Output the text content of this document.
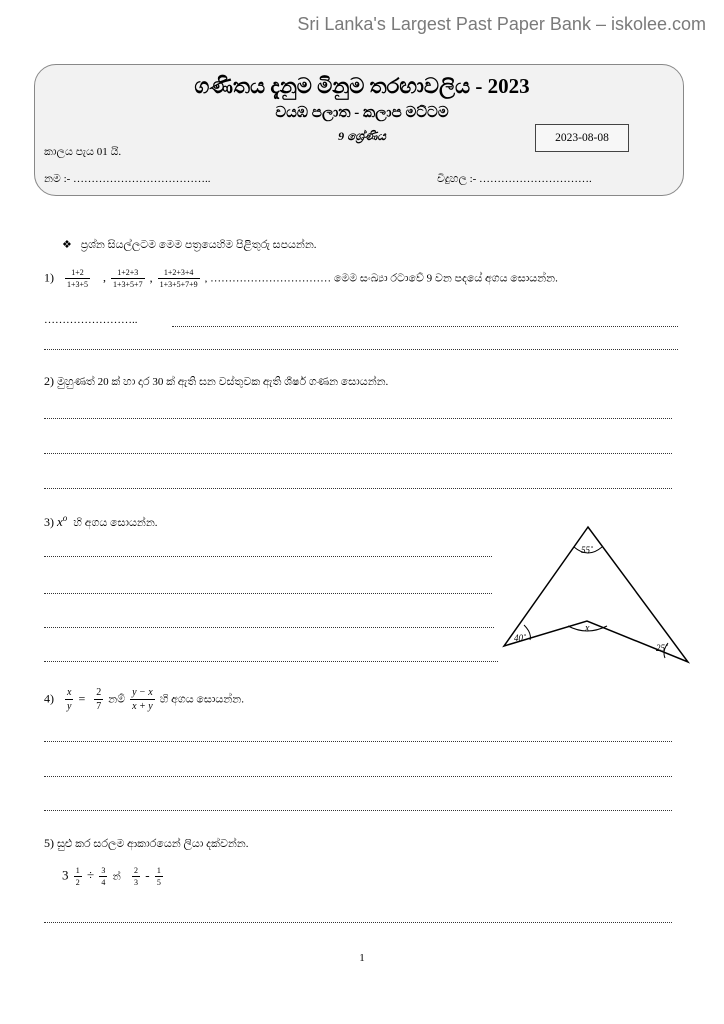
Sri Lanka's Largest Past Paper Bank – iskolee.com
ගණිතය දැනුම මිනුම තරඟාවලිය - 2023
වයඹ පලාත - කලාප මට්ටම
9 ශ්‍රේණිය	2023-08-08
කාලය පැය 01 යි.
නම :- ………………………………..	විදුහල :- ………………………….
❖ ප්‍රශ්න සියල්ලටම මෙම පත්‍රයෙහිම පිළිතුරු සපයන්න.
$1) \frac{1+2}{1+3+5}$ , $\frac{1+2+3}{1+3+5+7}$ , $\frac{1+2+3+4}{1+3+5+7+9}$ , …………………………… මෙම සංඛ්‍යා රටාවේ 9 වන පදයේ අගය සොයන්න.
……………………..
2) මුහුණත් 20 ක් හා දාර 30 ක් ඇති ඝන වස්තුවක ඇති ශීර්ෂ ගණන සොයන්න.
3) $x^o$ හි අගය සොයන්න.
55˚
40˚
25˚
x
$4) \frac{x}{y} = \frac{2}{7}$ නම් $\frac{y - x}{x + y}$ හි අගය සොයන්න.
5) සුළු කර සරලම ආකාරයෙන් ලියා දක්වන්න.
$3 \frac{1}{2} \div \frac{3}{4}$ න් $\frac{2}{3} - \frac{1}{5}$
1
